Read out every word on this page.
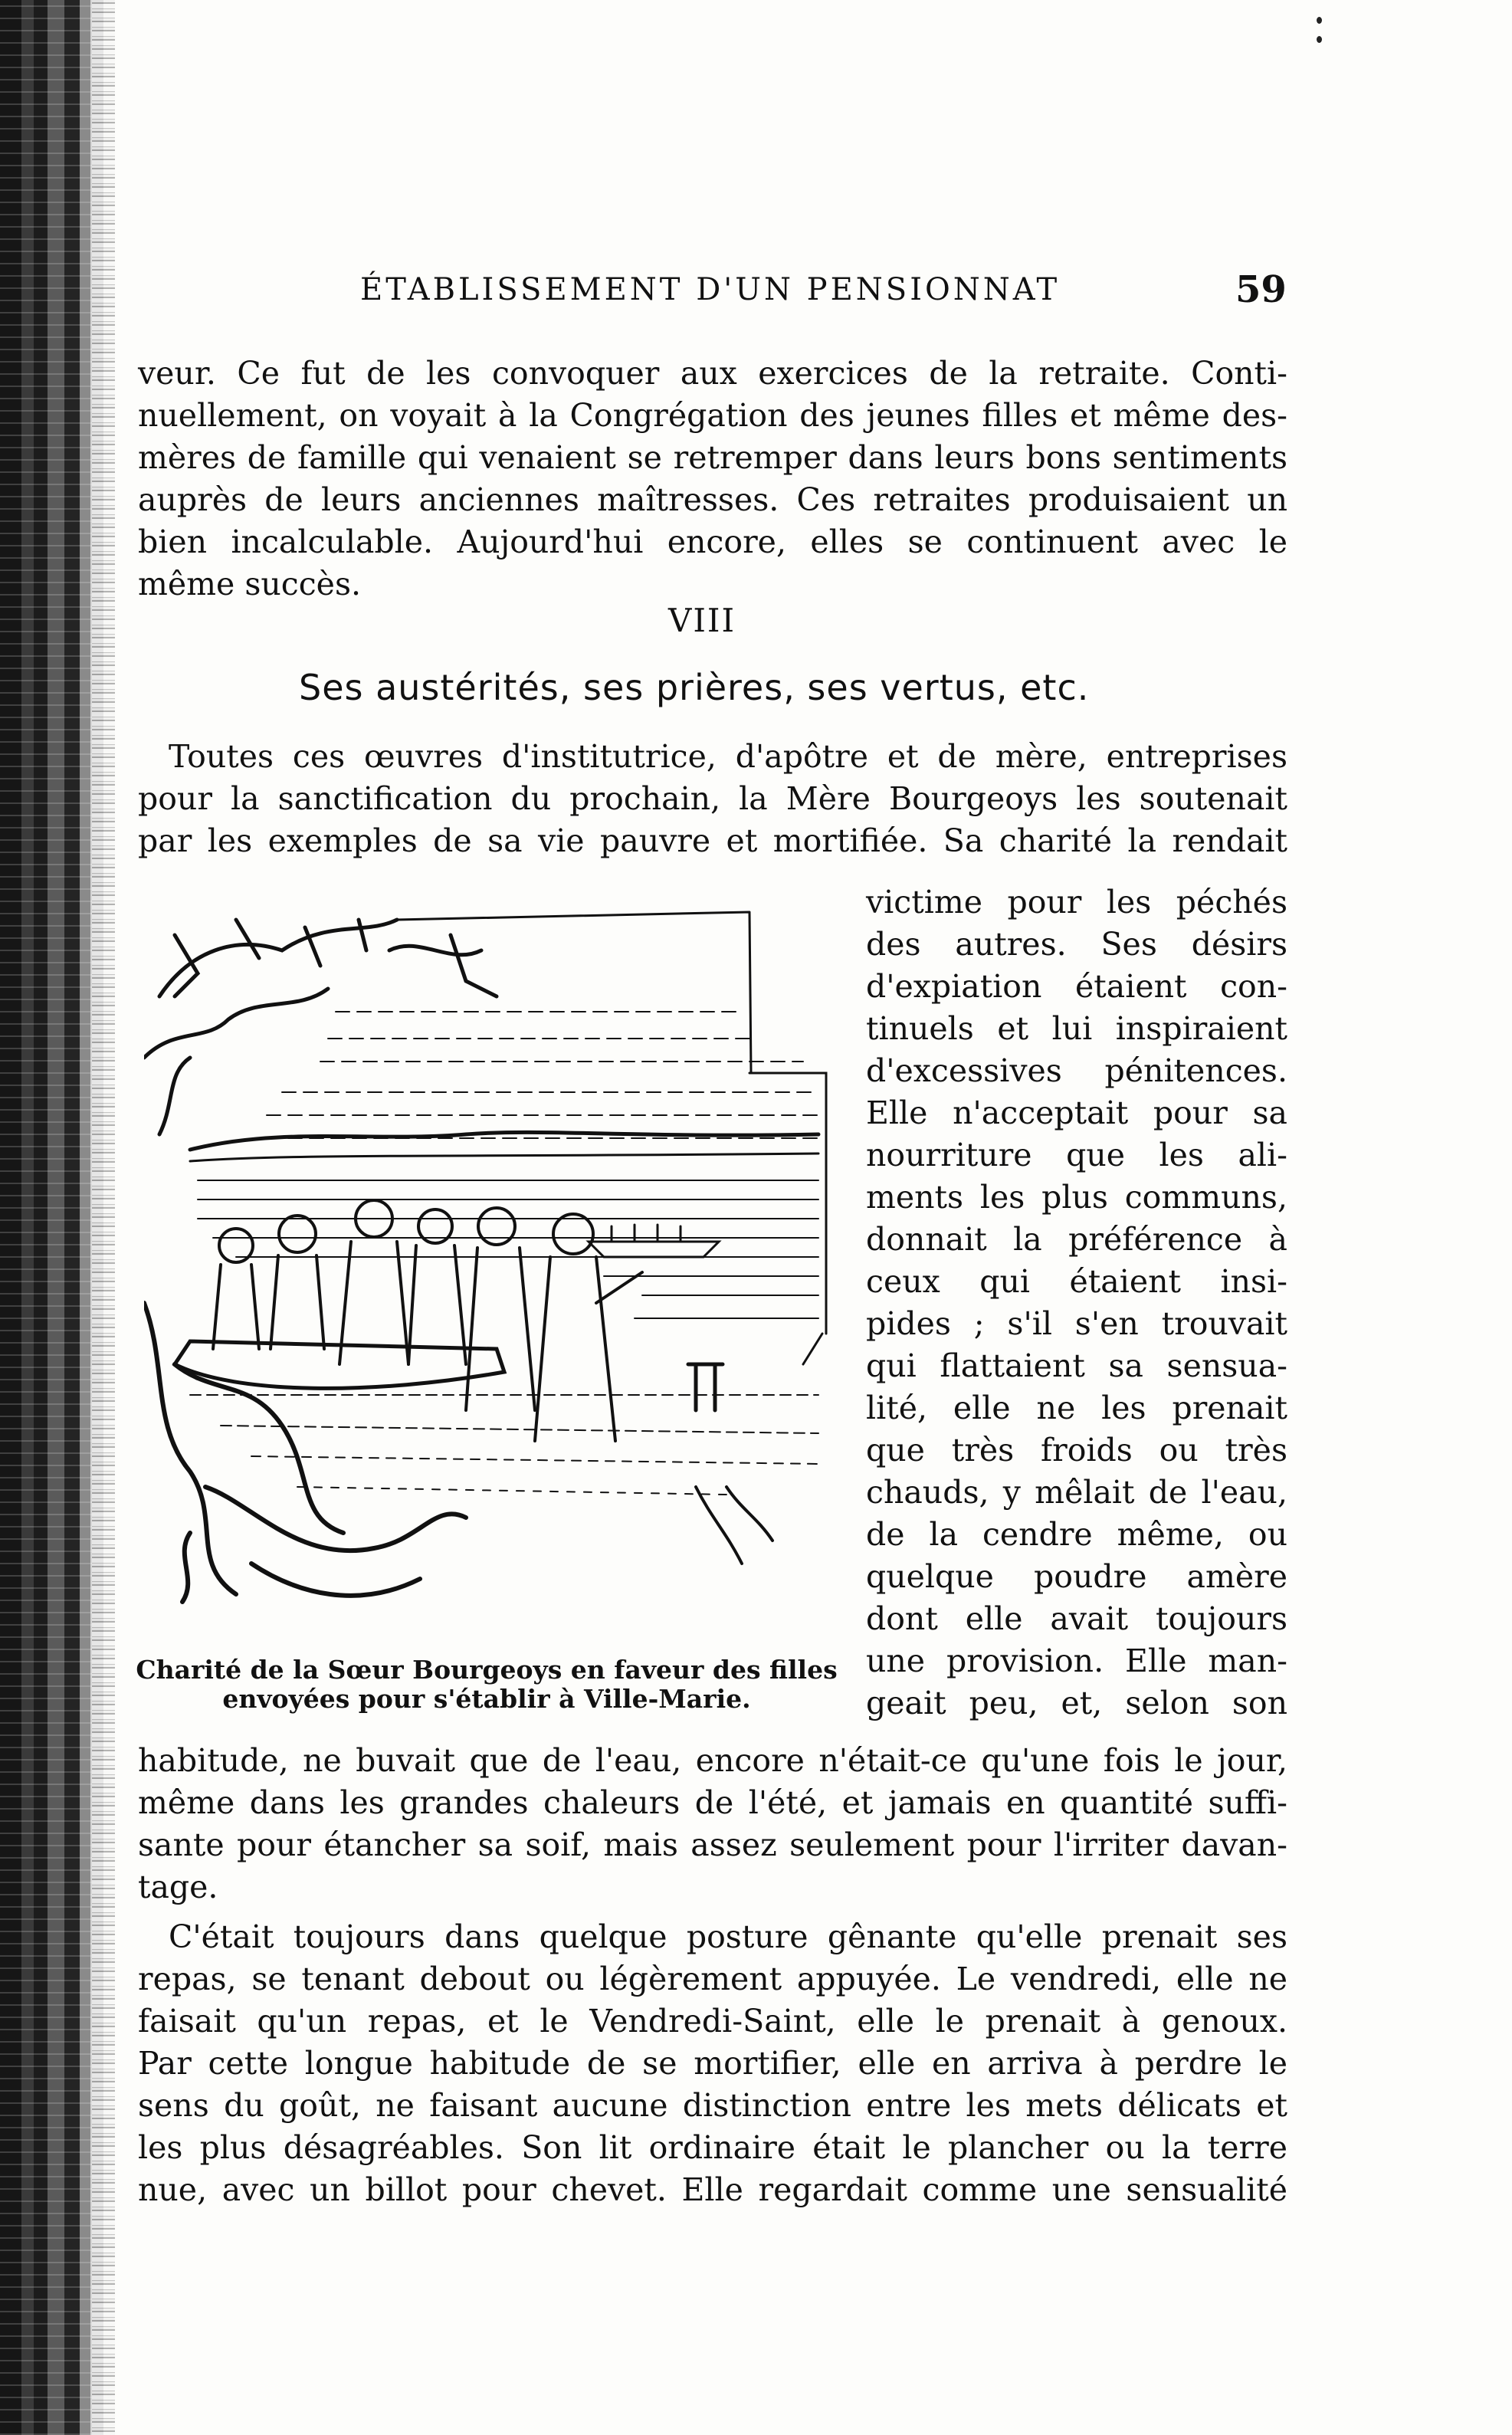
ÉTABLISSEMENT D'UN PENSIONNAT	59
veur. Ce fut de les convoquer aux exercices de la retraite. Conti-
nuellement, on voyait à la Congrégation des jeunes filles et même des-
mères de famille qui venaient se retremper dans leurs bons sentiments
auprès de leurs anciennes maîtresses. Ces retraites produisaient un
bien incalculable. Aujourd'hui encore, elles se continuent avec le
même succès.
VIII
Ses austérités, ses prières, ses vertus, etc.
Toutes ces œuvres d'institutrice, d'apôtre et de mère, entreprises
pour la sanctification du prochain, la Mère Bourgeoys les soutenait
par les exemples de sa vie pauvre et mortifiée. Sa charité la rendait
victime pour les péchés
des autres. Ses désirs
d'expiation étaient con-
tinuels et lui inspiraient
d'excessives pénitences.
Elle n'acceptait pour sa
nourriture que les ali-
ments les plus communs,
donnait la préférence à
ceux qui étaient insi-
pides ; s'il s'en trouvait
qui flattaient sa sensua-
lité, elle ne les prenait
que très froids ou très
chauds, y mêlait de l'eau,
de la cendre même, ou
quelque poudre amère
dont elle avait toujours
une provision. Elle man-
geait peu, et, selon son
Charité de la Sœur Bourgeoys en faveur des filles
envoyées pour s'établir à Ville-Marie.
habitude, ne buvait que de l'eau, encore n'était-ce qu'une fois le jour,
même dans les grandes chaleurs de l'été, et jamais en quantité suffi-
sante pour étancher sa soif, mais assez seulement pour l'irriter davan-
tage.
C'était toujours dans quelque posture gênante qu'elle prenait ses
repas, se tenant debout ou légèrement appuyée. Le vendredi, elle ne
faisait qu'un repas, et le Vendredi-Saint, elle le prenait à genoux.
Par cette longue habitude de se mortifier, elle en arriva à perdre le
sens du goût, ne faisant aucune distinction entre les mets délicats et
les plus désagréables. Son lit ordinaire était le plancher ou la terre
nue, avec un billot pour chevet. Elle regardait comme une sensualité
